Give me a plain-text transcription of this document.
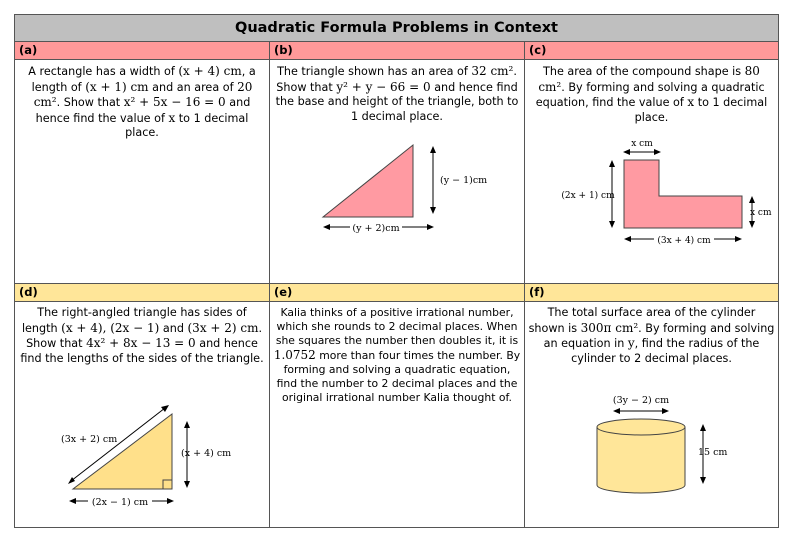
Quadratic Formula Problems in Context
(a)
A rectangle has a width of (x + 4) cm, a length of (x + 1) cm and an area of 20 cm². Show that x² + 5x − 16 = 0 and hence find the value of x to 1 decimal place.
(b)
The triangle shown has an area of 32 cm². Show that y² + y − 66 = 0 and hence find the base and height of the triangle, both to 1 decimal place.
(y − 1)cm
(y + 2)cm
(c)
The area of the compound shape is 80 cm². By forming and solving a quadratic equation, find the value of x to 1 decimal place.
x cm
(2x + 1) cm
x cm
(3x + 4) cm
(d)
The right-angled triangle has sides of length (x + 4), (2x − 1) and (3x + 2) cm. Show that 4x² + 8x − 13 = 0 and hence find the lengths of the sides of the triangle.
(3x + 2) cm
(x + 4) cm
(2x − 1) cm
(e)
Kalia thinks of a positive irrational number, which she rounds to 2 decimal places. When she squares the number then doubles it, it is 1.0752 more than four times the number. By forming and solving a quadratic equation, find the number to 2 decimal places and the original irrational number Kalia thought of.
(f)
The total surface area of the cylinder shown is 300π cm². By forming and solving an equation in y, find the radius of the cylinder to 2 decimal places.
(3y − 2) cm
15 cm
